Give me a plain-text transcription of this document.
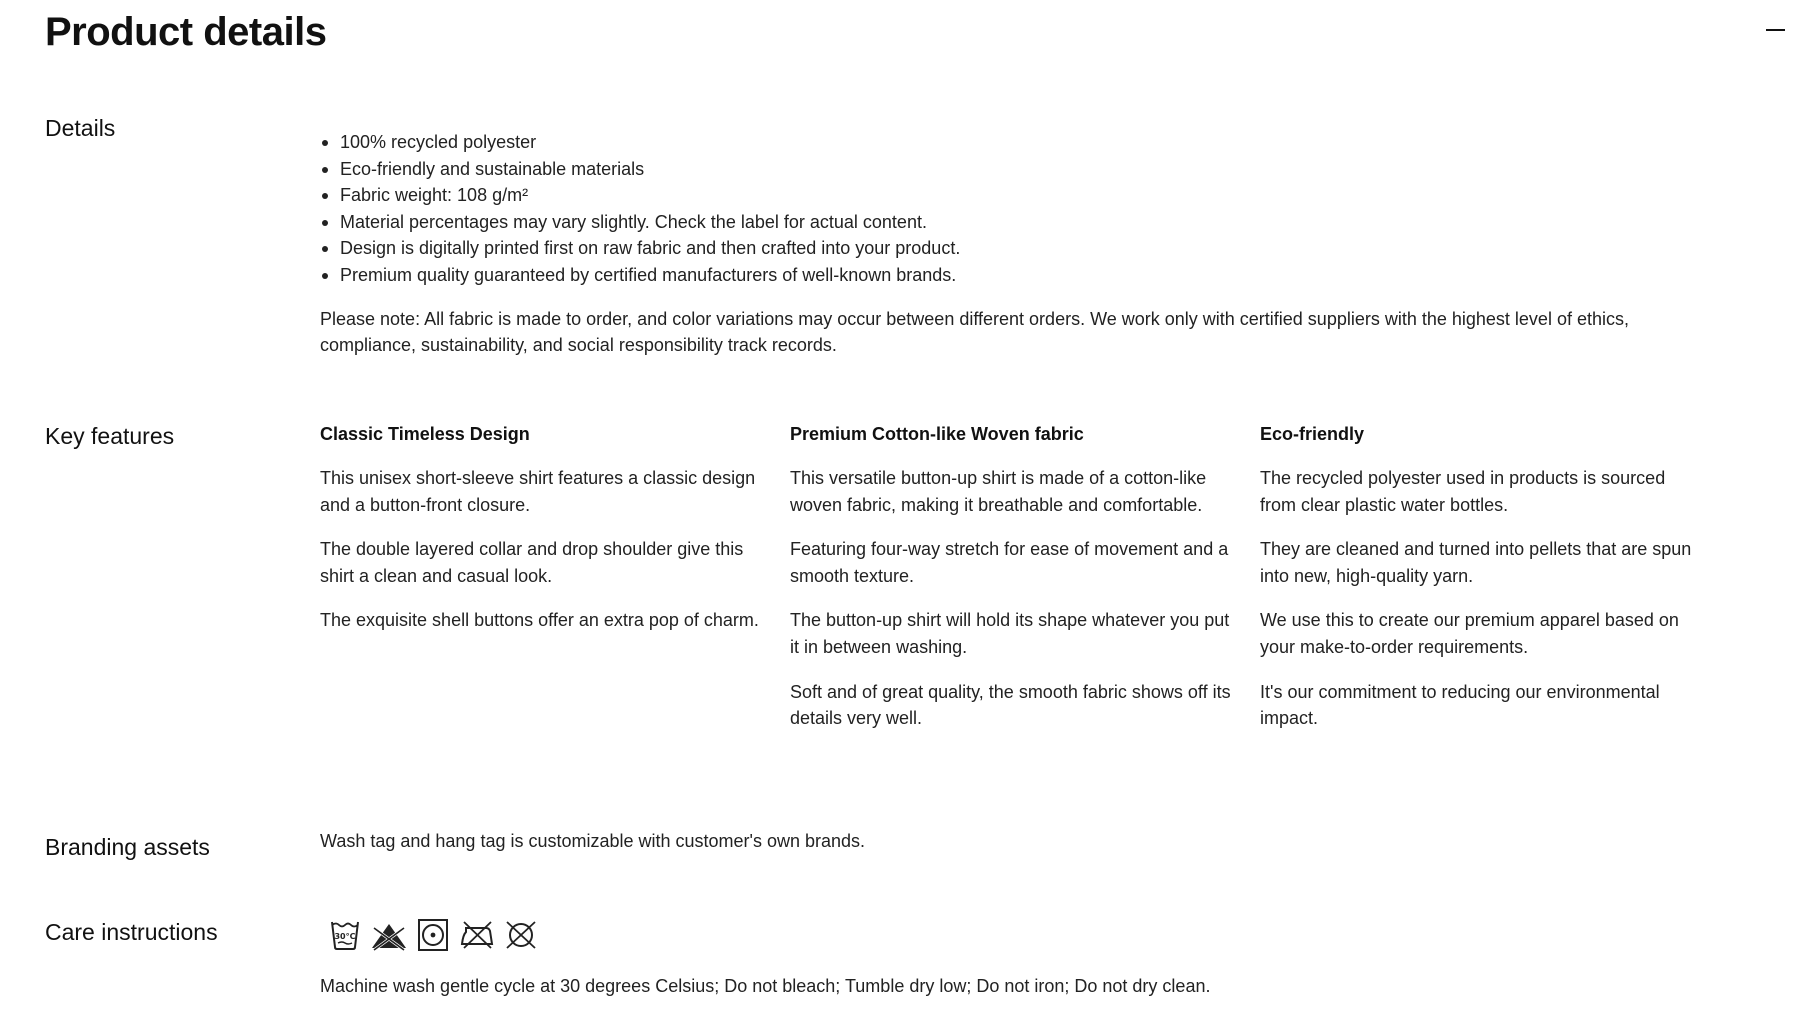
Product details
Details
100% recycled polyester
Eco-friendly and sustainable materials
Fabric weight: 108 g/m²
Material percentages may vary slightly. Check the label for actual content.
Design is digitally printed first on raw fabric and then crafted into your product.
Premium quality guaranteed by certified manufacturers of well-known brands.

Please note: All fabric is made to order, and color variations may occur between different orders. We work only with certified suppliers with the highest level of ethics, compliance, sustainability, and social responsibility track records.

Key features	Classic Timeless Design

This unisex short-sleeve shirt features a classic design and a button-front closure.

The double layered collar and drop shoulder give this shirt a clean and casual look.

The exquisite shell buttons offer an extra pop of charm.

Premium Cotton-like Woven fabric

This versatile button-up shirt is made of a cotton-like woven fabric, making it breathable and comfortable.

Featuring four-way stretch for ease of movement and a smooth texture.

The button-up shirt will hold its shape whatever you put it in between washing.

Soft and of great quality, the smooth fabric shows off its details very well.

Eco-friendly

The recycled polyester used in products is sourced from clear plastic water bottles.

They are cleaned and turned into pellets that are spun into new, high-quality yarn.

We use this to create our premium apparel based on your make-to-order requirements.

It's our commitment to reducing our environmental impact.

Branding assets	Wash tag and hang tag is customizable with customer's own brands.

Care instructions	30°C

Machine wash gentle cycle at 30 degrees Celsius; Do not bleach; Tumble dry low; Do not iron; Do not dry clean.
